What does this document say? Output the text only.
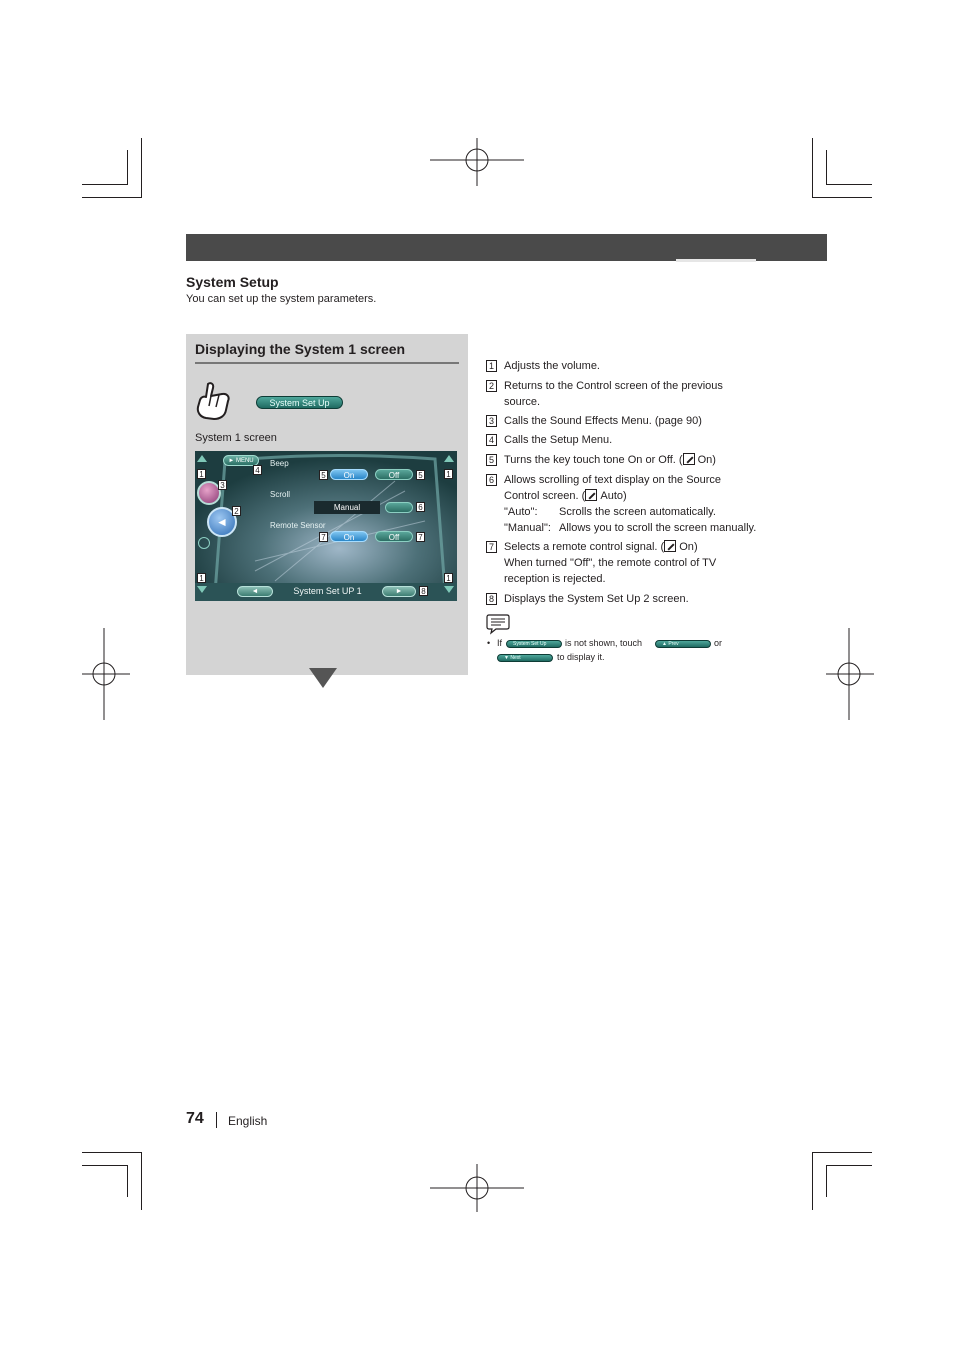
System Setup
You can set up the system parameters.
Displaying the System 1 screen
System Set Up
System 1 screen
► MENU
◄
Beep
Scroll
Remote Sensor
On	Off
Manual
On	Off
◄	System Set UP 1	►
1	1
1	1
2
3
4
5	5
6
7	7
8
1 Adjusts the volume.
2 Returns to the Control screen of the previous
source.
3 Calls the Sound Effects Menu. (page 90)
4 Calls the Setup Menu.
5 Turns the key touch tone On or Off. ( On)
6 Allows scrolling of text display on the Source
Control screen. ( Auto)
"Auto": Scrolls the screen automatically.
"Manual": Allows you to scroll the screen manually.
7 Selects a remote control signal. ( On)
When turned "Off", the remote control of TV
reception is rejected.
8 Displays the System Set Up 2 screen.
• If	System Set Up	is not shown, touch	▲ Prev	or
▼ Next	to display it.
74 English
